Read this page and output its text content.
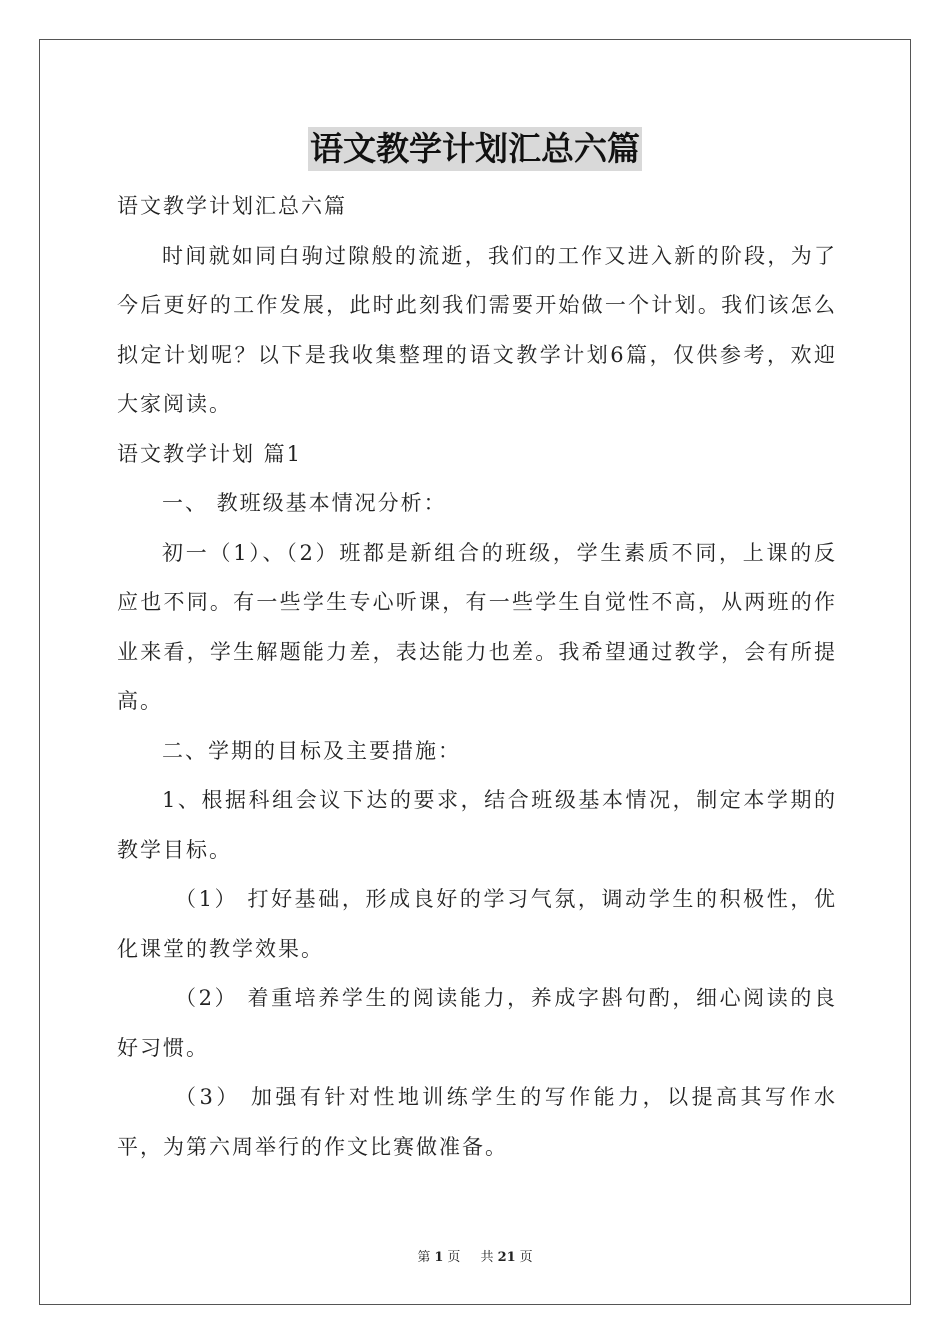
语文教学计划汇总六篇

语文教学计划汇总六篇

时间就如同白驹过隙般的流逝，我们的工作又进入新的阶段，为了今后更好的工作发展，此时此刻我们需要开始做一个计划。我们该怎么拟定计划呢？以下是我收集整理的语文教学计划6篇，仅供参考，欢迎大家阅读。

语文教学计划 篇1

一、 教班级基本情况分析：

初一（1）、（2）班都是新组合的班级，学生素质不同，上课的反应也不同。有一些学生专心听课，有一些学生自觉性不高，从两班的作业来看，学生解题能力差，表达能力也差。我希望通过教学，会有所提高。

二、学期的目标及主要措施：

1、根据科组会议下达的要求，结合班级基本情况，制定本学期的教学目标。

（1） 打好基础，形成良好的学习气氛，调动学生的积极性，优化课堂的教学效果。

（2） 着重培养学生的阅读能力，养成字斟句酌，细心阅读的良好习惯。

（3） 加强有针对性地训练学生的写作能力，以提高其写作水平，为第六周举行的作文比赛做准备。

第 1 页 共 21 页
